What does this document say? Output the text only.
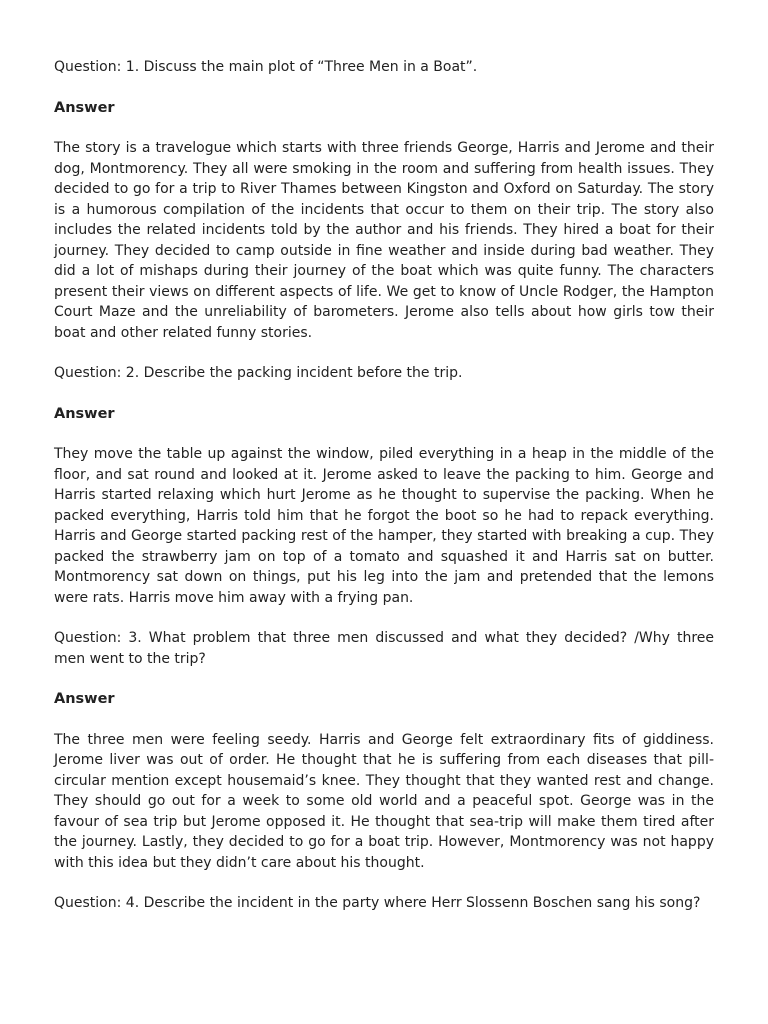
Question: 1. Discuss the main plot of “Three Men in a Boat”.

Answer

The story is a travelogue which starts with three friends George, Harris and Jerome and their dog, Montmorency. They all were smoking in the room and suffering from health issues. They decided to go for a trip to River Thames between Kingston and Oxford on Saturday. The story is a humorous compilation of the incidents that occur to them on their trip. The story also includes the related incidents told by the author and his friends. They hired a boat for their journey. They decided to camp outside in fine weather and inside during bad weather. They did a lot of mishaps during their journey of the boat which was quite funny. The characters present their views on different aspects of life. We get to know of Uncle Rodger, the Hampton Court Maze and the unreliability of barometers. Jerome also tells about how girls tow their boat and other related funny stories.

Question: 2. Describe the packing incident before the trip.

Answer

They move the table up against the window, piled everything in a heap in the middle of the floor, and sat round and looked at it. Jerome asked to leave the packing to him. George and Harris started relaxing which hurt Jerome as he thought to supervise the packing. When he packed everything, Harris told him that he forgot the boot so he had to repack everything. Harris and George started packing rest of the hamper, they started with breaking a cup. They packed the strawberry jam on top of a tomato and squashed it and Harris sat on butter. Montmorency sat down on things, put his leg into the jam and pretended that the lemons were rats. Harris move him away with a frying pan.

Question: 3. What problem that three men discussed and what they decided? /Why three men went to the trip?

Answer

The three men were feeling seedy. Harris and George felt extraordinary fits of giddiness. Jerome liver was out of order. He thought that he is suffering from each diseases that pill-circular mention except housemaid’s knee. They thought that they wanted rest and change. They should go out for a week to some old world and a peaceful spot. George was in the favour of sea trip but Jerome opposed it. He thought that sea-trip will make them tired after the journey. Lastly, they decided to go for a boat trip. However, Montmorency was not happy with this idea but they didn’t care about his thought.

Question: 4. Describe the incident in the party where Herr Slossenn Boschen sang his song?
